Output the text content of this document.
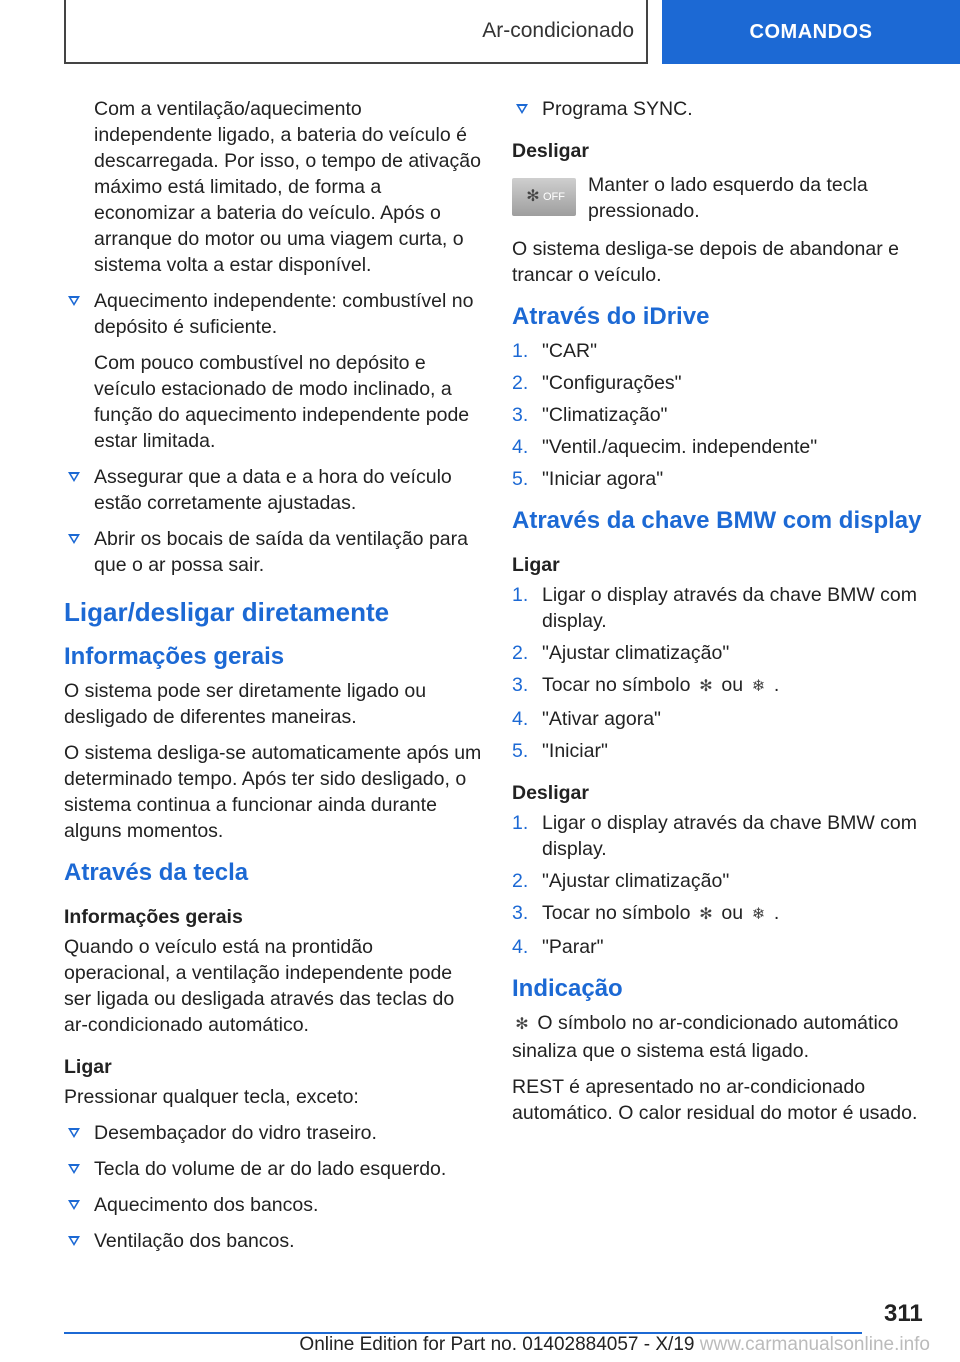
Ar-condicionado	COMANDOS

Com a ventilação/aquecimento independente ligado, a bateria do veículo é descarregada. Por isso, o tempo de ativação máximo está limitado, de forma a economizar a bateria do veículo. Após o arranque do motor ou uma viagem curta, o sistema volta a estar disponível.

Aquecimento independente: combustível no depósito é suficiente.

Com pouco combustível no depósito e veículo estacionado de modo inclinado, a função do aquecimento independente pode estar limitada.

Assegurar que a data e a hora do veículo estão corretamente ajustadas.
Abrir os bocais de saída da ventilação para que o ar possa sair.
Ligar/desligar diretamente
Informações gerais

O sistema pode ser diretamente ligado ou desligado de diferentes maneiras.

O sistema desliga-se automaticamente após um determinado tempo. Após ter sido desligado, o sistema continua a funcionar ainda durante alguns momentos.

Através da tecla
Informações gerais

Quando o veículo está na prontidão operacional, a ventilação independente pode ser ligada ou desligada através das teclas do ar-condicionado automático.

Ligar

Pressionar qualquer tecla, exceto:

Desembaçador do vidro traseiro.
Tecla do volume de ar do lado esquerdo.
Aquecimento dos bancos.
Ventilação dos bancos.
Programa SYNC.
Desligar
✻ OFF
Manter o lado esquerdo da tecla pressionado.

O sistema desliga-se depois de abandonar e trancar o veículo.

Através do iDrive
1. "CAR"
2. "Configurações"
3. "Climatização"
4. "Ventil./aquecim. independente"
5. "Iniciar agora"
Através da chave BMW com display
Ligar
1. Ligar o display através da chave BMW com display.
2. "Ajustar climatização"
3. Tocar no símbolo ✻ ou ❄ .
4. "Ativar agora"
5. "Iniciar"
Desligar
1. Ligar o display através da chave BMW com display.
2. "Ajustar climatização"
3. Tocar no símbolo ✻ ou ❄ .
4. "Parar"
Indicação

✻ O símbolo no ar-condicionado automático sinaliza que o sistema está ligado.

REST é apresentado no ar-condicionado automático. O calor residual do motor é usado.

311
Online Edition for Part no. 01402884057 - X/19 www.carmanualsonline.info
